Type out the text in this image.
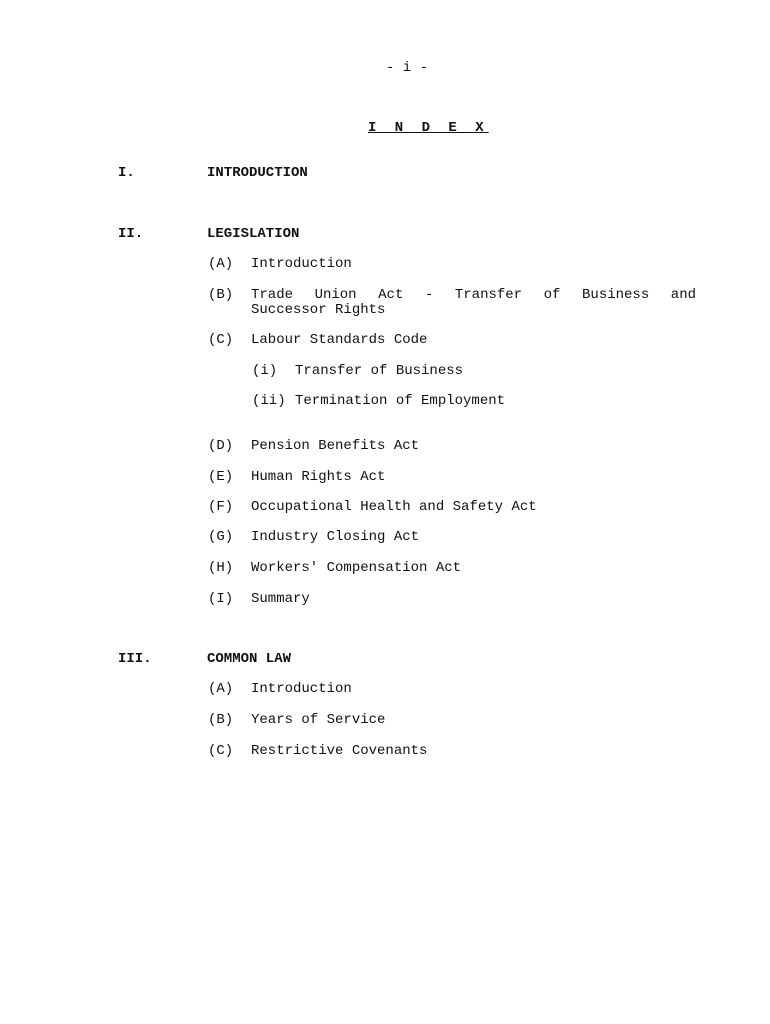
- i -
I N D E X
I.	INTRODUCTION
II.	LEGISLATION
(A) Introduction
(B) Trade Union Act - Transfer of Business and
Successor Rights
(C) Labour Standards Code
(i) Transfer of Business
(ii) Termination of Employment
(D) Pension Benefits Act
(E) Human Rights Act
(F) Occupational Health and Safety Act
(G) Industry Closing Act
(H) Workers' Compensation Act
(I) Summary
III.	COMMON LAW
(A) Introduction
(B) Years of Service
(C) Restrictive Covenants
